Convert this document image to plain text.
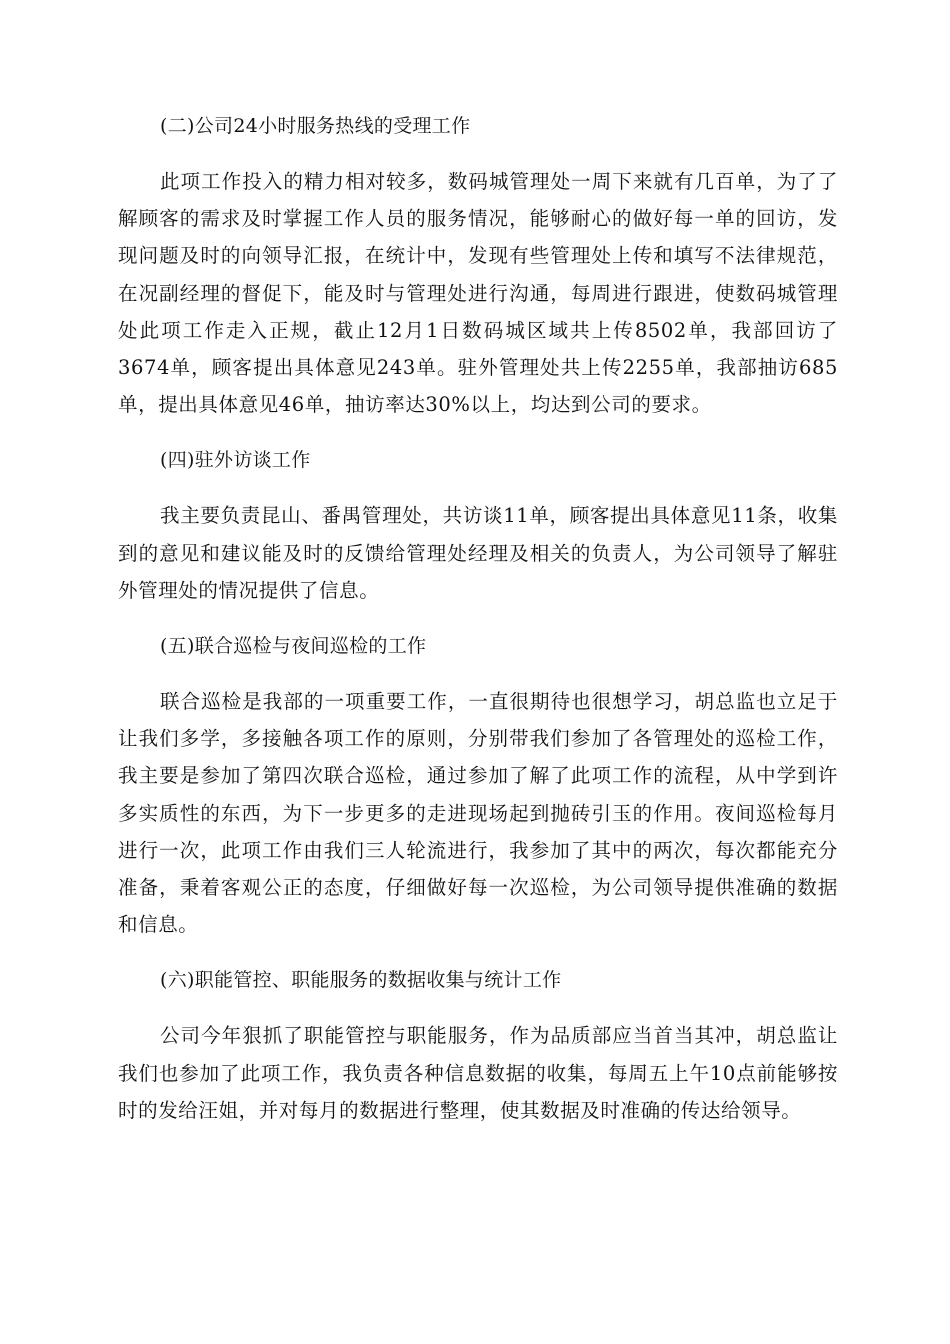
(二)公司24小时服务热线的受理工作
此项工作投入的精力相对较多，数码城管理处一周下来就有几百单，为了了解顾客的需求及时掌握工作人员的服务情况，能够耐心的做好每一单的回访，发现问题及时的向领导汇报，在统计中，发现有些管理处上传和填写不法律规范，在况副经理的督促下，能及时与管理处进行沟通，每周进行跟进，使数码城管理处此项工作走入正规，截止12月1日数码城区域共上传8502单，我部回访了3674单，顾客提出具体意见243单。驻外管理处共上传2255单，我部抽访685单，提出具体意见46单，抽访率达30%以上，均达到公司的要求。
(四)驻外访谈工作
我主要负责昆山、番禺管理处，共访谈11单，顾客提出具体意见11条，收集到的意见和建议能及时的反馈给管理处经理及相关的负责人，为公司领导了解驻外管理处的情况提供了信息。
(五)联合巡检与夜间巡检的工作
联合巡检是我部的一项重要工作，一直很期待也很想学习，胡总监也立足于让我们多学，多接触各项工作的原则，分别带我们参加了各管理处的巡检工作，我主要是参加了第四次联合巡检，通过参加了解了此项工作的流程，从中学到许多实质性的东西，为下一步更多的走进现场起到抛砖引玉的作用。夜间巡检每月进行一次，此项工作由我们三人轮流进行，我参加了其中的两次，每次都能充分准备，秉着客观公正的态度，仔细做好每一次巡检，为公司领导提供准确的数据和信息。
(六)职能管控、职能服务的数据收集与统计工作
公司今年狠抓了职能管控与职能服务，作为品质部应当首当其冲，胡总监让我们也参加了此项工作，我负责各种信息数据的收集，每周五上午10点前能够按时的发给汪姐，并对每月的数据进行整理，使其数据及时准确的传达给领导。
